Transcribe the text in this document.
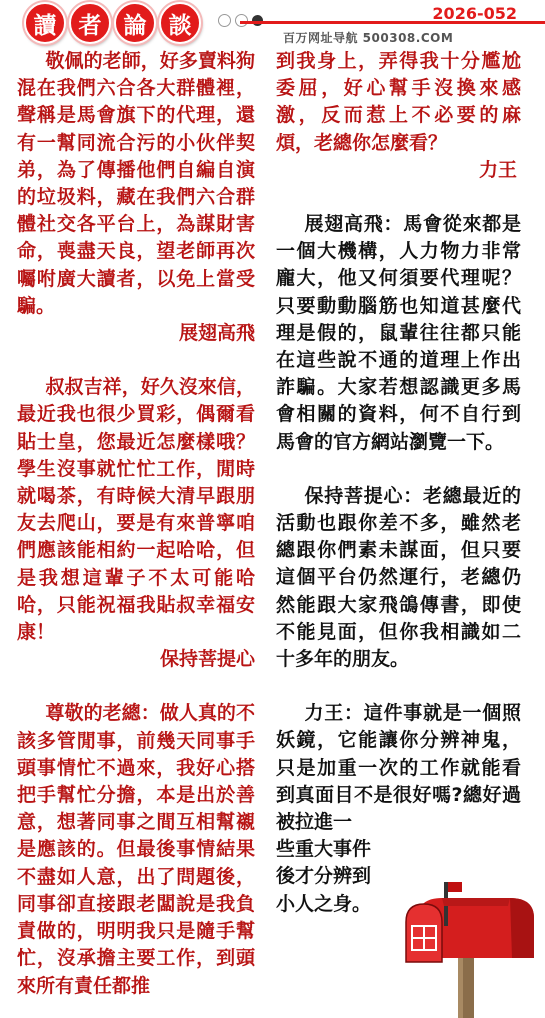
讀 者 論 談	2026-052
百万网址导航 500308.COM

敬佩的老師，好多賣料狗混在我們六合各大群體裡，聲稱是馬會旗下的代理，還有一幫同流合污的小伙伴契弟，為了傳播他們自編自演的垃圾料，藏在我們六合群體社交各平台上，為謀財害命，喪盡天良，望老師再次囑咐廣大讀者，以免上當受騙。

展翅高飛

叔叔吉祥，好久沒來信，最近我也很少買彩，偶爾看貼士皇，您最近怎麼樣哦？學生沒事就忙忙工作，閒時就喝茶，有時候大清早跟朋友去爬山，要是有來普寧咱們應該能相約一起哈哈，但是我想這輩子不太可能哈哈，只能祝福我貼叔幸福安康！

保持菩提心

尊敬的老總：做人真的不該多管閒事，前幾天同事手頭事情忙不過來，我好心搭把手幫忙分擔，本是出於善意，想著同事之間互相幫襯是應該的。但最後事情結果不盡如人意，出了問題後，同事卻直接跟老闆說是我負責做的，明明我只是隨手幫忙，沒承擔主要工作，到頭來所有責任都推

到我身上，弄得我十分尷尬委屈，好心幫手沒換來感激，反而惹上不必要的麻煩，老總你怎麼看？

力王

展翅高飛：馬會從來都是一個大機構，人力物力非常龐大，他又何須要代理呢？只要動動腦筋也知道甚麼代理是假的，鼠輩往往都只能在這些說不通的道理上作出詐騙。大家若想認識更多馬會相關的資料，何不自行到馬會的官方網站瀏覽一下。

保持菩提心：老總最近的活動也跟你差不多，雖然老總跟你們素未謀面，但只要這個平台仍然運行，老總仍然能跟大家飛鴿傳書，即使不能見面，但你我相識如二十多年的朋友。

力王：這件事就是一個照妖鏡，它能讓你分辨神鬼，只是加重一次的工作就能看到真面目不是很好嗎?總好過被拉進一

些重大事件

後才分辨到

小人之身。
